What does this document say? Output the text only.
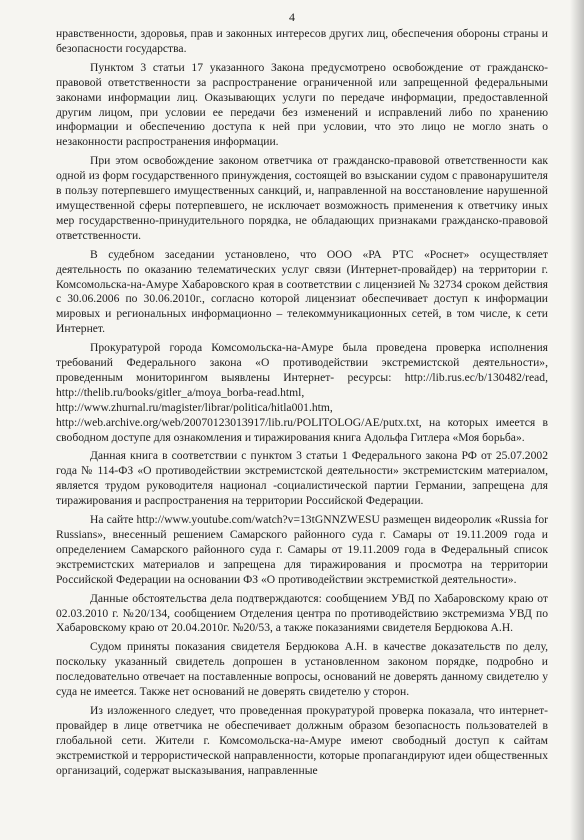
4

нравственности, здоровья, прав и законных интересов других лиц, обеспечения обороны страны и безопасности государства.

Пунктом 3 статьи 17 указанного Закона предусмотрено освобождение от гражданско-правовой ответственности за распространение ограниченной или запрещенной федеральными законами информации лиц. Оказывающих услуги по передаче информации, предоставленной другим лицом, при условии ее передачи без изменений и исправлений либо по хранению информации и обеспечению доступа к ней при условии, что это лицо не могло знать о незаконности распространения информации.

При этом освобождение законом ответчика от гражданско-правовой ответственности как одной из форм государственного принуждения, состоящей во взыскании судом с правонарушителя в пользу потерпевшего имущественных санкций, и, направленной на восстановление нарушенной имущественной сферы потерпевшего, не исключает возможность применения к ответчику иных мер государственно-принудительного порядка, не обладающих признаками гражданско-правовой ответственности.

В судебном заседании установлено, что ООО «РА РТС «Роснет» осуществляет деятельность по оказанию телематических услуг связи (Интернет-провайдер) на территории г. Комсомольска-на-Амуре Хабаровского края в соответствии с лицензией № 32734 сроком действия с 30.06.2006 по 30.06.2010г., согласно которой лицензиат обеспечивает доступ к информации мировых и региональных информационно – телекоммуникационных сетей, в том числе, к сети Интернет.

Прокуратурой города Комсомольска-на-Амуре была проведена проверка исполнения требований Федерального закона «О противодействии экстремистской деятельности», проведенным мониторингом выявлены Интернет- ресурсы: http://lib.rus.ec/b/130482/read, http://thelib.ru/books/gitler_a/moya_borba-read.html, http://www.zhurnal.ru/magister/librar/politica/hitla001.htm, http://web.archive.org/web/20070123013917/lib.ru/POLITOLOG/AE/putx.txt, на которых имеется в свободном доступе для ознакомления и тиражирования книга Адольфа Гитлера «Моя борьба».

Данная книга в соответствии с пунктом 3 статьи 1 Федерального закона РФ от 25.07.2002 года № 114-ФЗ «О противодействии экстремистской деятельности» экстремистским материалом, является трудом руководителя национал -социалистической партии Германии, запрещена для тиражирования и распространения на территории Российской Федерации.

На сайте http://www.youtube.com/watch?v=13tGNNZWESU размещен видеоролик «Russia for Russians», внесенный решением Самарского районного суда г. Самары от 19.11.2009 года и определением Самарского районного суда г. Самары от 19.11.2009 года в Федеральный список экстремистских материалов и запрещена для тиражирования и просмотра на территории Российской Федерации на основании ФЗ «О противодействии экстремисткой деятельности».

Данные обстоятельства дела подтверждаются: сообщением УВД по Хабаровскому краю от 02.03.2010 г. №20/134, сообщением Отделения центра по противодействию экстремизма УВД по Хабаровскому краю от 20.04.2010г. №20/53, а также показаниями свидетеля Бердюкова А.Н.

Судом приняты показания свидетеля Бердюкова А.Н. в качестве доказательств по делу, поскольку указанный свидетель допрошен в установленном законом порядке, подробно и последовательно отвечает на поставленные вопросы, оснований не доверять данному свидетелю у суда не имеется. Также нет оснований не доверять свидетелю у сторон.

Из изложенного следует, что проведенная прокуратурой проверка показала, что интернет-провайдер в лице ответчика не обеспечивает должным образом безопасность пользователей в глобальной сети. Жители г. Комсомольска-на-Амуре имеют свободный доступ к сайтам экстремисткой и террористической направленности, которые пропагандируют идеи общественных организаций, содержат высказывания, направленные
